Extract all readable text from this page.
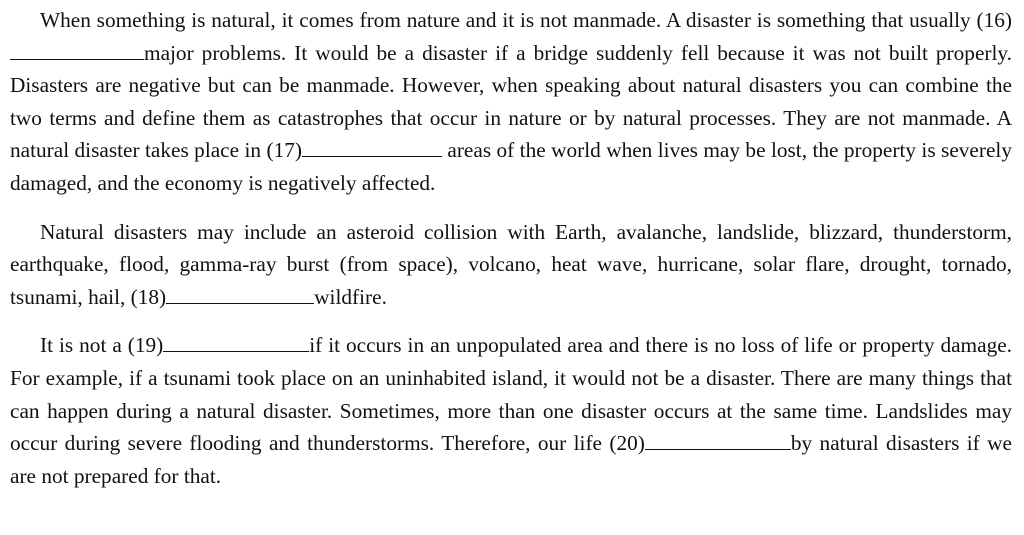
When something is natural, it comes from nature and it is not manmade. A disaster is something that usually (16)major problems. It would be a disaster if a bridge suddenly fell because it was not built properly. Disasters are negative but can be manmade. However, when speaking about natural disasters you can combine the two terms and define them as catastrophes that occur in nature or by natural processes. They are not manmade. A natural disaster takes place in (17)	areas of the world when lives may be lost, the property is severely damaged, and the economy is negatively affected.

Natural disasters may include an asteroid collision with Earth, avalanche, landslide, blizzard, thunderstorm, earthquake, flood, gamma-ray burst (from space), volcano, heat wave, hurricane, solar flare, drought, tornado, tsunami, hail, (18)	wildfire.

It is not a (19)	if it occurs in an unpopulated area and there is no loss of life or property damage. For example, if a tsunami took place on an uninhabited island, it would not be a disaster. There are many things that can happen during a natural disaster. Sometimes, more than one disaster occurs at the same time. Landslides may occur during severe flooding and thunderstorms. Therefore, our life (20)	by natural disasters if we are not prepared for that.
